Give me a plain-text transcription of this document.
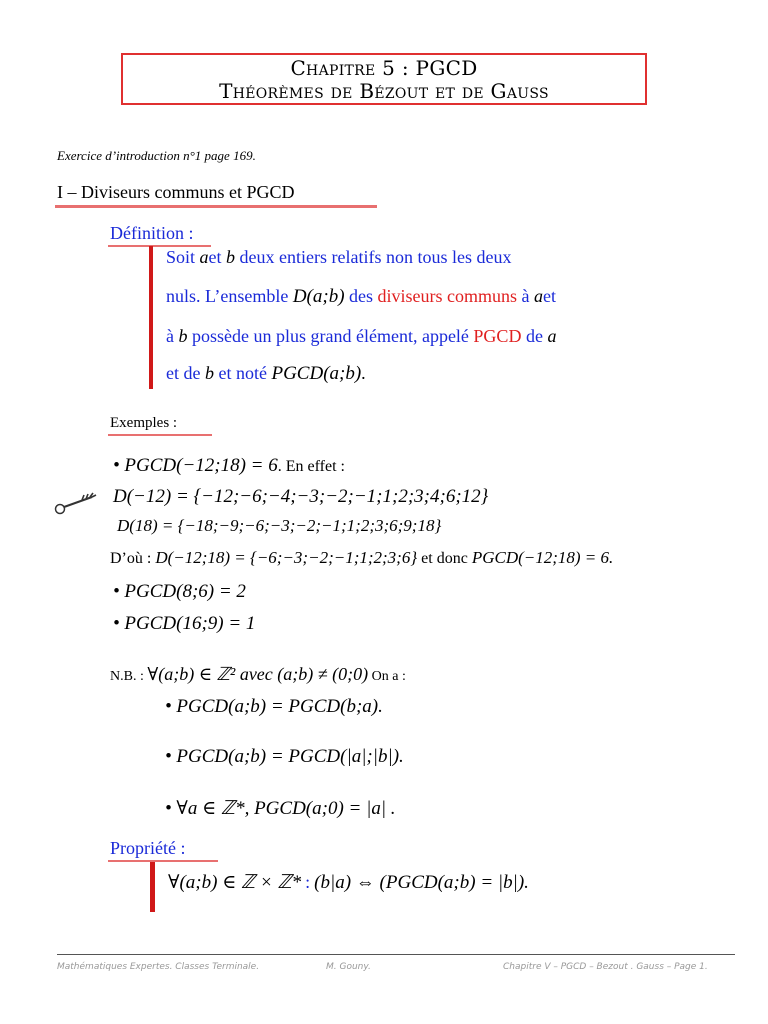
Chapitre 5 : PGCD
Théorèmes de Bézout et de Gauss
Exercice d’introduction n°1 page 169.
I – Diviseurs communs et PGCD
Définition :
Soit aet b deux entiers relatifs non tous les deux
nuls. L’ensemble D(a;b) des diviseurs communs à aet
à b possède un plus grand élément, appelé PGCD de a
et de b et noté PGCD(a;b).
Exemples :
• PGCD(−12;18) = 6. En effet :
D(−12) = {−12;−6;−4;−3;−2;−1;1;2;3;4;6;12}
D(18) = {−18;−9;−6;−3;−2;−1;1;2;3;6;9;18}
D’où : D(−12;18) = {−6;−3;−2;−1;1;2;3;6} et donc PGCD(−12;18) = 6.
• PGCD(8;6) = 2
• PGCD(16;9) = 1
N.B. : ∀(a;b) ∈ ℤ² avec (a;b) ≠ (0;0) On a :
• PGCD(a;b) = PGCD(b;a).
• PGCD(a;b) = PGCD(|a|;|b|).
• ∀a ∈ ℤ*, PGCD(a;0) = |a| .
Propriété :
∀(a;b) ∈ ℤ × ℤ* : (b|a) ⇔ (PGCD(a;b) = |b|).
Mathématiques Expertes. Classes Terminale.	M. Gouny.	Chapitre V – PGCD – Bezout . Gauss – Page 1.
